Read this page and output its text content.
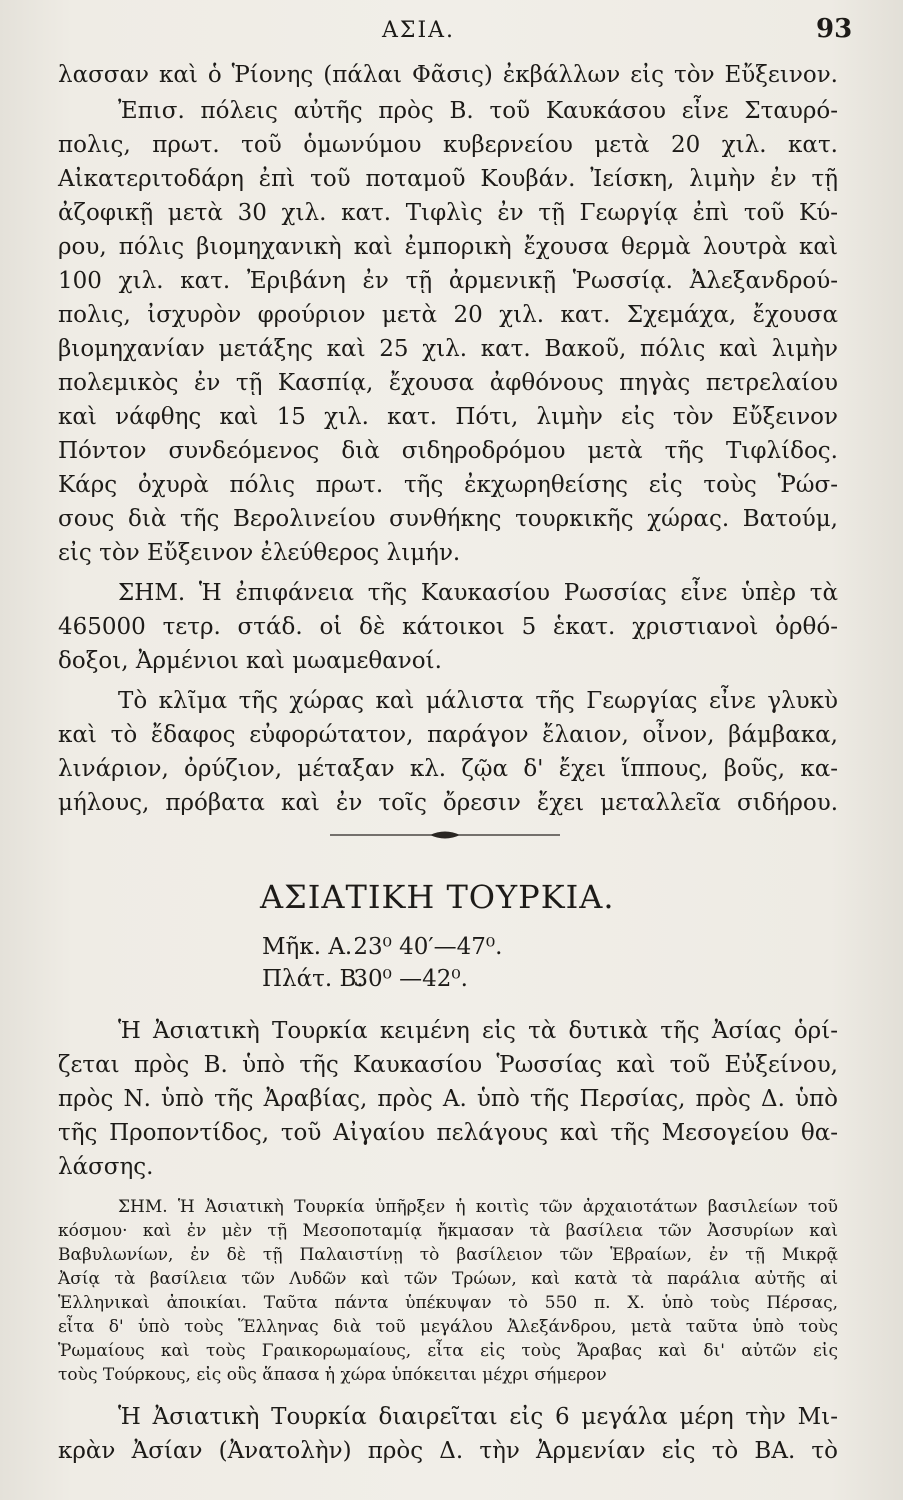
ΑΣΙΑ.	93
λασσαν καὶ ὁ Ῥίονης (πάλαι Φᾶσις) ἐκβάλλων εἰς τὸν Εὔξεινον.
Ἐπισ. πόλεις αὐτῆς πρὸς Β. τοῦ Καυκάσου εἶνε Σταυρό-
πολις, πρωτ. τοῦ ὁμωνύμου κυβερνείου μετὰ 20 χιλ. κατ.
Αἰκατεριτοδάρη ἐπὶ τοῦ ποταμοῦ Κουβάν. Ἰείσκη, λιμὴν ἐν τῇ
ἀζοφικῇ μετὰ 30 χιλ. κατ. Τιφλὶς ἐν τῇ Γεωργίᾳ ἐπὶ τοῦ Κύ-
ρου, πόλις βιομηχανικὴ καὶ ἐμπορικὴ ἔχουσα θερμὰ λουτρὰ καὶ
100 χιλ. κατ. Ἐριβάνη ἐν τῇ ἀρμενικῇ Ῥωσσίᾳ. Ἀλεξανδρού-
πολις, ἰσχυρὸν φρούριον μετὰ 20 χιλ. κατ. Σχεμάχα, ἔχουσα
βιομηχανίαν μετάξης καὶ 25 χιλ. κατ. Βακοῦ, πόλις καὶ λιμὴν
πολεμικὸς ἐν τῇ Κασπίᾳ, ἔχουσα ἀφθόνους πηγὰς πετρελαίου
καὶ νάφθης καὶ 15 χιλ. κατ. Πότι, λιμὴν εἰς τὸν Εὔξεινον
Πόντον συνδεόμενος διὰ σιδηροδρόμου μετὰ τῆς Τιφλίδος.
Κάρς ὀχυρὰ πόλις πρωτ. τῆς ἐκχωρηθείσης εἰς τοὺς Ῥώσ-
σους διὰ τῆς Βερολινείου συνθήκης τουρκικῆς χώρας. Βατούμ,
εἰς τὸν Εὔξεινον ἐλεύθερος λιμήν.
ΣΗΜ. Ἡ ἐπιφάνεια τῆς Καυκασίου Ρωσσίας εἶνε ὑπὲρ τὰ
465000 τετρ. στάδ. οἱ δὲ κάτοικοι 5 ἑκατ. χριστιανοὶ ὀρθό-
δοξοι, Ἀρμένιοι καὶ μωαμεθανοί.
Τὸ κλῖμα τῆς χώρας καὶ μάλιστα τῆς Γεωργίας εἶνε γλυκὺ
καὶ τὸ ἔδαφος εὐφορώτατον, παράγον ἔλαιον, οἶνον, βάμβακα,
λινάριον, ὀρύζιον, μέταξαν κλ. ζῷα δ' ἔχει ἵππους, βοῦς, κα-
μήλους, πρόβατα καὶ ἐν τοῖς ὄρεσιν ἔχει μεταλλεῖα σιδήρου.
ΑΣΙΑΤΙΚΗ ΤΟΥΡΚΙΑ.
Μῆκ. Α. 23⁰ 40′—47⁰.
Πλάτ. Β. 30⁰ —42⁰.
Ἡ Ἀσιατικὴ Τουρκία κειμένη εἰς τὰ δυτικὰ τῆς Ἀσίας ὁρί-
ζεται πρὸς Β. ὑπὸ τῆς Καυκασίου Ῥωσσίας καὶ τοῦ Εὐξείνου,
πρὸς Ν. ὑπὸ τῆς Ἀραβίας, πρὸς Α. ὑπὸ τῆς Περσίας, πρὸς Δ. ὑπὸ
τῆς Προποντίδος, τοῦ Αἰγαίου πελάγους καὶ τῆς Μεσογείου θα-
λάσσης.
ΣΗΜ. Ἡ Ἀσιατικὴ Τουρκία ὑπῆρξεν ἡ κοιτὶς τῶν ἀρχαιοτάτων βασιλείων τοῦ
κόσμου· καὶ ἐν μὲν τῇ Μεσοποταμίᾳ ἤκμασαν τὰ βασίλεια τῶν Ἀσσυρίων καὶ
Βαβυλωνίων, ἐν δὲ τῇ Παλαιστίνῃ τὸ βασίλειον τῶν Ἑβραίων, ἐν τῇ Μικρᾷ
Ἀσίᾳ τὰ βασίλεια τῶν Λυδῶν καὶ τῶν Τρώων, καὶ κατὰ τὰ παράλια αὐτῆς αἱ
Ἑλληνικαὶ ἀποικίαι. Ταῦτα πάντα ὑπέκυψαν τὸ 550 π. Χ. ὑπὸ τοὺς Πέρσας,
εἶτα δ' ὑπὸ τοὺς Ἕλληνας διὰ τοῦ μεγάλου Ἀλεξάνδρου, μετὰ ταῦτα ὑπὸ τοὺς
Ῥωμαίους καὶ τοὺς Γραικορωμαίους, εἶτα εἰς τοὺς Ἄραβας καὶ δι' αὐτῶν εἰς
τοὺς Τούρκους, εἰς οὓς ἅπασα ἡ χώρα ὑπόκειται μέχρι σήμερον
Ἡ Ἀσιατικὴ Τουρκία διαιρεῖται εἰς 6 μεγάλα μέρη τὴν Μι-
κρὰν Ἀσίαν (Ἀνατολὴν) πρὸς Δ. τὴν Ἀρμενίαν εἰς τὸ ΒΑ. τὸ
